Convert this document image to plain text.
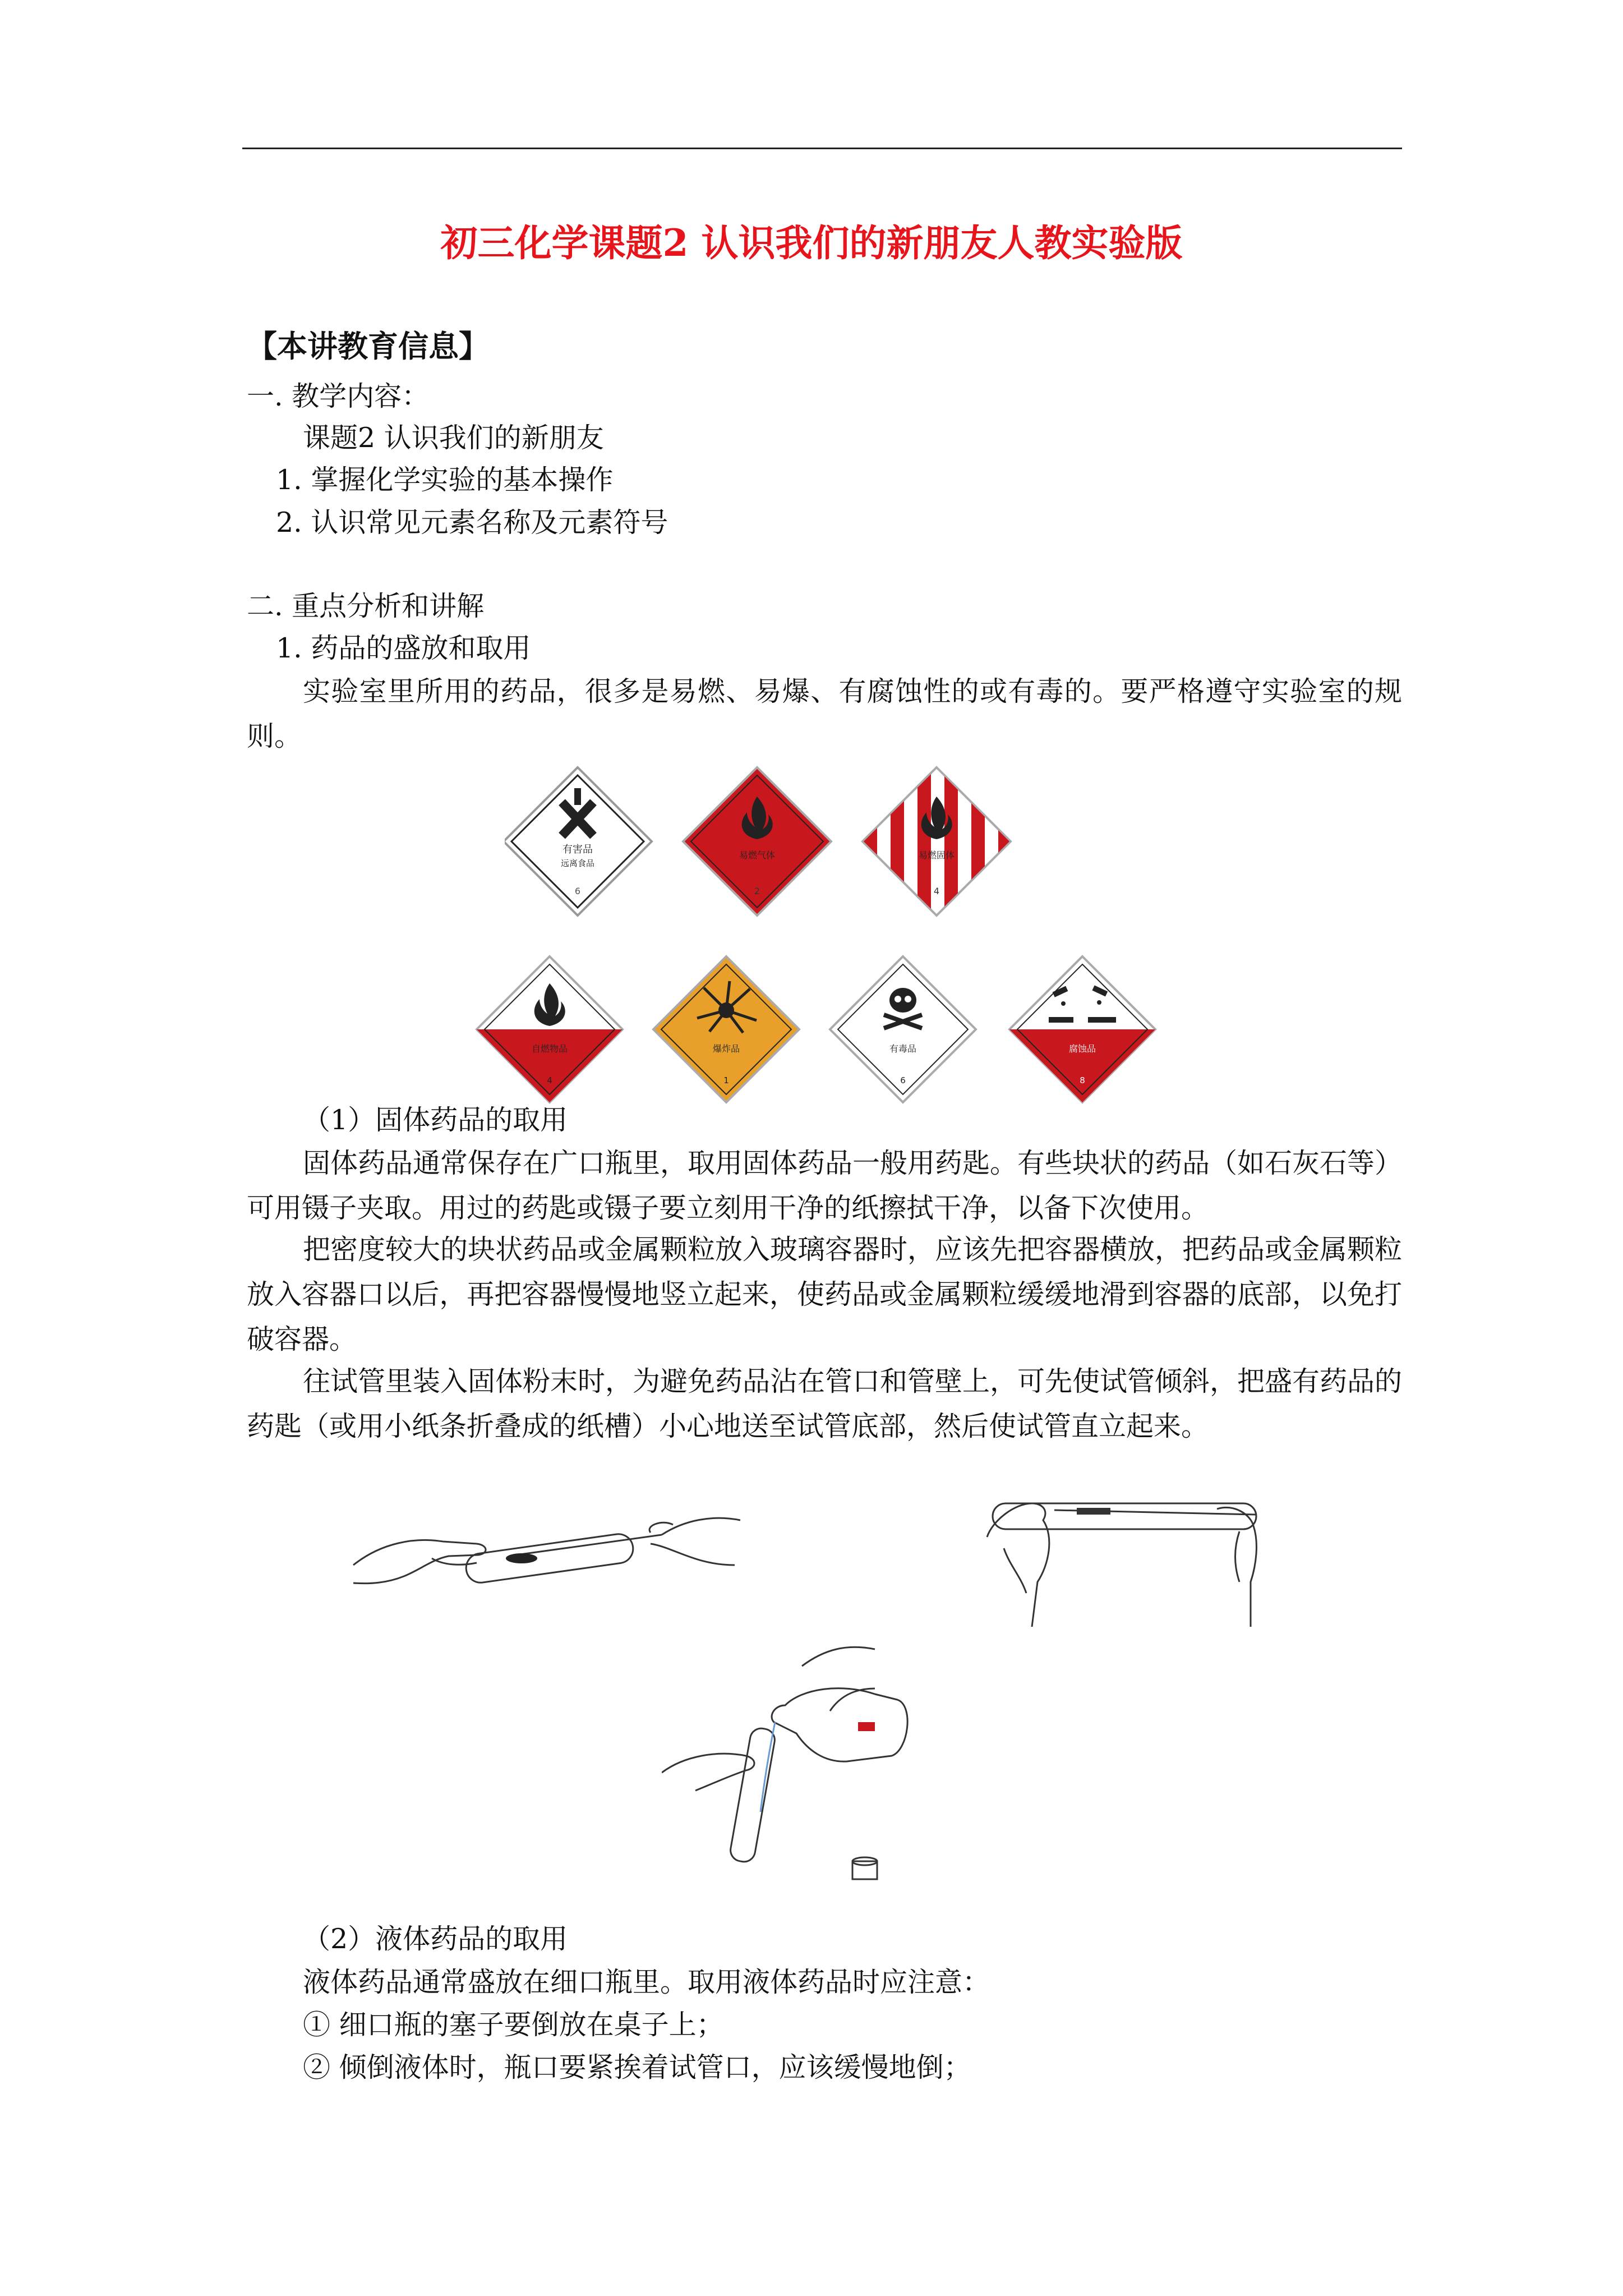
初三化学课题2 认识我们的新朋友人教实验版
【本讲教育信息】
一. 教学内容：
课题2 认识我们的新朋友
1. 掌握化学实验的基本操作
2. 认识常见元素名称及元素符号
二. 重点分析和讲解
1. 药品的盛放和取用
实验室里所用的药品，很多是易燃、易爆、有腐蚀性的或有毒的。要严格遵守实验室的规则。
有害品
远离食品
6
易燃气体
2
易燃固体
4
自燃物品
4
爆炸品
1
有毒品
6
腐蚀品
8
（1）固体药品的取用
固体药品通常保存在广口瓶里，取用固体药品一般用药匙。有些块状的药品（如石灰石等）可用镊子夹取。用过的药匙或镊子要立刻用干净的纸擦拭干净，以备下次使用。
把密度较大的块状药品或金属颗粒放入玻璃容器时，应该先把容器横放，把药品或金属颗粒放入容器口以后，再把容器慢慢地竖立起来，使药品或金属颗粒缓缓地滑到容器的底部，以免打破容器。
往试管里装入固体粉末时，为避免药品沾在管口和管壁上，可先使试管倾斜，把盛有药品的药匙（或用小纸条折叠成的纸槽）小心地送至试管底部，然后使试管直立起来。
（2）液体药品的取用
液体药品通常盛放在细口瓶里。取用液体药品时应注意：
① 细口瓶的塞子要倒放在桌子上；
② 倾倒液体时，瓶口要紧挨着试管口，应该缓慢地倒；
